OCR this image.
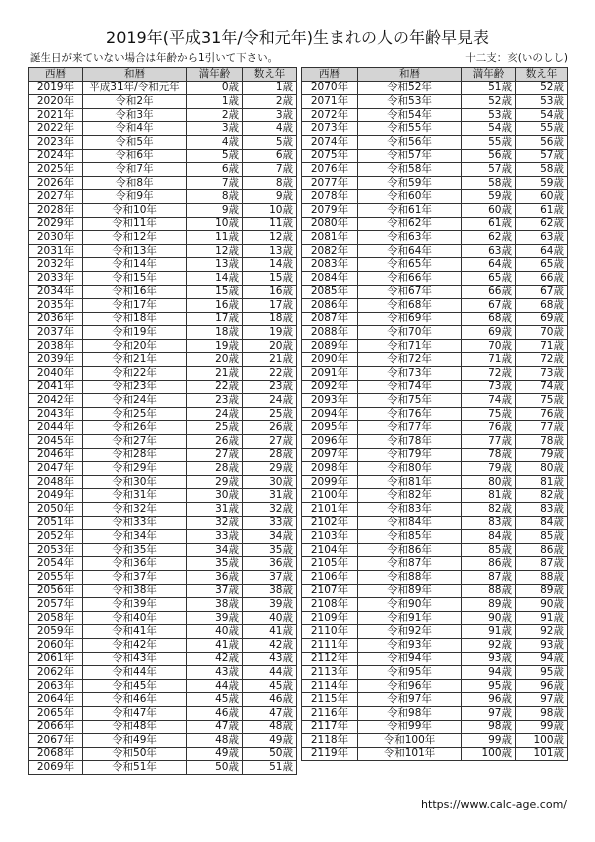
2019年(平成31年/令和元年)生まれの人の年齢早見表
誕生日が来ていない場合は年齢から1引いて下さい。	十二支：亥(いのしし)
西暦	和暦	満年齢	数え年
2019年	平成31年/令和元年	0歳	1歳
2020年	令和2年	1歳	2歳
2021年	令和3年	2歳	3歳
2022年	令和4年	3歳	4歳
2023年	令和5年	4歳	5歳
2024年	令和6年	5歳	6歳
2025年	令和7年	6歳	7歳
2026年	令和8年	7歳	8歳
2027年	令和9年	8歳	9歳
2028年	令和10年	9歳	10歳
2029年	令和11年	10歳	11歳
2030年	令和12年	11歳	12歳
2031年	令和13年	12歳	13歳
2032年	令和14年	13歳	14歳
2033年	令和15年	14歳	15歳
2034年	令和16年	15歳	16歳
2035年	令和17年	16歳	17歳
2036年	令和18年	17歳	18歳
2037年	令和19年	18歳	19歳
2038年	令和20年	19歳	20歳
2039年	令和21年	20歳	21歳
2040年	令和22年	21歳	22歳
2041年	令和23年	22歳	23歳
2042年	令和24年	23歳	24歳
2043年	令和25年	24歳	25歳
2044年	令和26年	25歳	26歳
2045年	令和27年	26歳	27歳
2046年	令和28年	27歳	28歳
2047年	令和29年	28歳	29歳
2048年	令和30年	29歳	30歳
2049年	令和31年	30歳	31歳
2050年	令和32年	31歳	32歳
2051年	令和33年	32歳	33歳
2052年	令和34年	33歳	34歳
2053年	令和35年	34歳	35歳
2054年	令和36年	35歳	36歳
2055年	令和37年	36歳	37歳
2056年	令和38年	37歳	38歳
2057年	令和39年	38歳	39歳
2058年	令和40年	39歳	40歳
2059年	令和41年	40歳	41歳
2060年	令和42年	41歳	42歳
2061年	令和43年	42歳	43歳
2062年	令和44年	43歳	44歳
2063年	令和45年	44歳	45歳
2064年	令和46年	45歳	46歳
2065年	令和47年	46歳	47歳
2066年	令和48年	47歳	48歳
2067年	令和49年	48歳	49歳
2068年	令和50年	49歳	50歳
2069年	令和51年	50歳	51歳
西暦	和暦	満年齢	数え年
2070年	令和52年	51歳	52歳
2071年	令和53年	52歳	53歳
2072年	令和54年	53歳	54歳
2073年	令和55年	54歳	55歳
2074年	令和56年	55歳	56歳
2075年	令和57年	56歳	57歳
2076年	令和58年	57歳	58歳
2077年	令和59年	58歳	59歳
2078年	令和60年	59歳	60歳
2079年	令和61年	60歳	61歳
2080年	令和62年	61歳	62歳
2081年	令和63年	62歳	63歳
2082年	令和64年	63歳	64歳
2083年	令和65年	64歳	65歳
2084年	令和66年	65歳	66歳
2085年	令和67年	66歳	67歳
2086年	令和68年	67歳	68歳
2087年	令和69年	68歳	69歳
2088年	令和70年	69歳	70歳
2089年	令和71年	70歳	71歳
2090年	令和72年	71歳	72歳
2091年	令和73年	72歳	73歳
2092年	令和74年	73歳	74歳
2093年	令和75年	74歳	75歳
2094年	令和76年	75歳	76歳
2095年	令和77年	76歳	77歳
2096年	令和78年	77歳	78歳
2097年	令和79年	78歳	79歳
2098年	令和80年	79歳	80歳
2099年	令和81年	80歳	81歳
2100年	令和82年	81歳	82歳
2101年	令和83年	82歳	83歳
2102年	令和84年	83歳	84歳
2103年	令和85年	84歳	85歳
2104年	令和86年	85歳	86歳
2105年	令和87年	86歳	87歳
2106年	令和88年	87歳	88歳
2107年	令和89年	88歳	89歳
2108年	令和90年	89歳	90歳
2109年	令和91年	90歳	91歳
2110年	令和92年	91歳	92歳
2111年	令和93年	92歳	93歳
2112年	令和94年	93歳	94歳
2113年	令和95年	94歳	95歳
2114年	令和96年	95歳	96歳
2115年	令和97年	96歳	97歳
2116年	令和98年	97歳	98歳
2117年	令和99年	98歳	99歳
2118年	令和100年	99歳	100歳
2119年	令和101年	100歳	101歳
https://www.calc-age.com/
